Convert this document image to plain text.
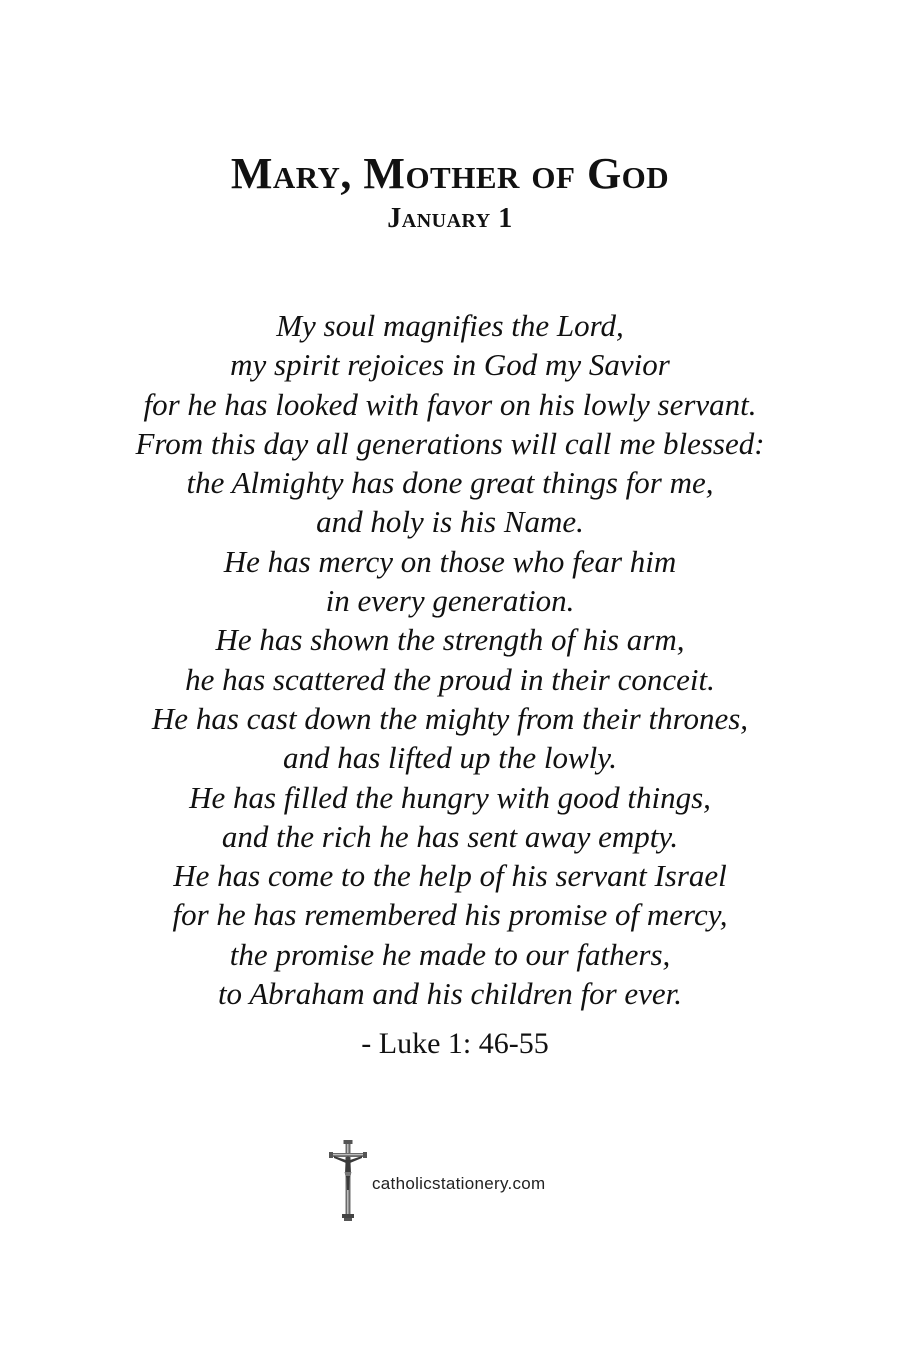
Mary, Mother of God
January 1
My soul magnifies the Lord,
my spirit rejoices in God my Savior
for he has looked with favor on his lowly servant.
From this day all generations will call me blessed:
the Almighty has done great things for me,
and holy is his Name.
He has mercy on those who fear him
in every generation.
He has shown the strength of his arm,
he has scattered the proud in their conceit.
He has cast down the mighty from their thrones,
and has lifted up the lowly.
He has filled the hungry with good things,
and the rich he has sent away empty.
He has come to the help of his servant Israel
for he has remembered his promise of mercy,
the promise he made to our fathers,
to Abraham and his children for ever.
- Luke 1: 46-55
catholicstationery.com
